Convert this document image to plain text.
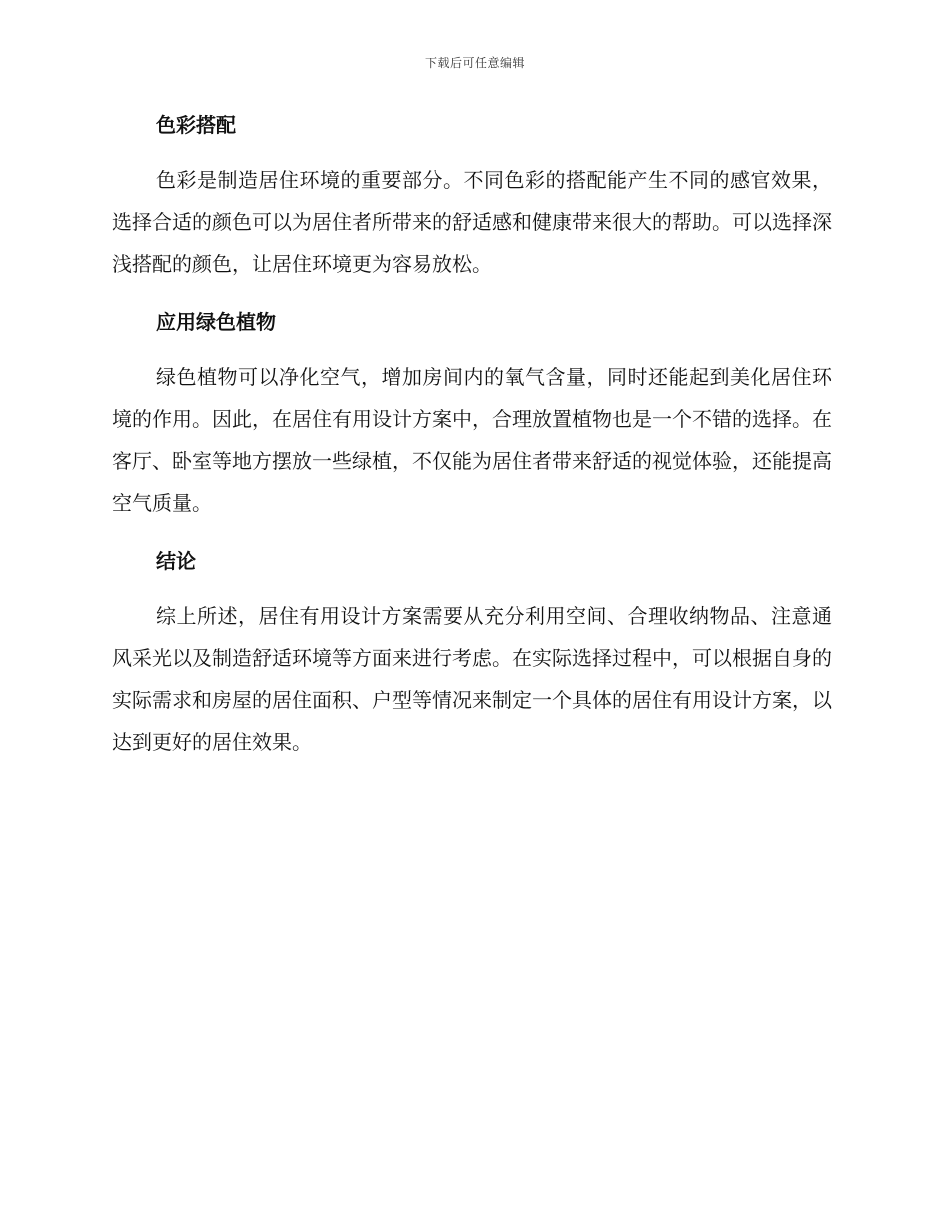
下载后可任意编辑
色彩搭配

色彩是制造居住环境的重要部分。不同色彩的搭配能产生不同的感官效果，选择合适的颜色可以为居住者所带来的舒适感和健康带来很大的帮助。可以选择深浅搭配的颜色，让居住环境更为容易放松。

应用绿色植物

绿色植物可以净化空气，增加房间内的氧气含量，同时还能起到美化居住环境的作用。因此，在居住有用设计方案中，合理放置植物也是一个不错的选择。在客厅、卧室等地方摆放一些绿植，不仅能为居住者带来舒适的视觉体验，还能提高空气质量。

结论

综上所述，居住有用设计方案需要从充分利用空间、合理收纳物品、注意通风采光以及制造舒适环境等方面来进行考虑。在实际选择过程中，可以根据自身的实际需求和房屋的居住面积、户型等情况来制定一个具体的居住有用设计方案，以达到更好的居住效果。
